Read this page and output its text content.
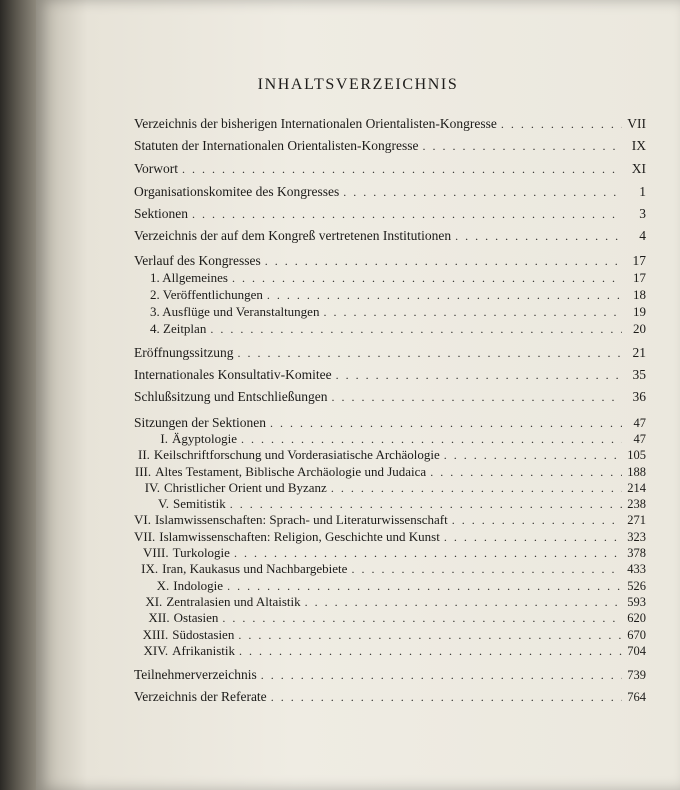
INHALTSVERZEICHNIS
Verzeichnis der bisherigen Internationalen Orientalisten-Kongresse . . .	VII
Statuten der Internationalen Orientalisten-Kongresse . . .	IX
Vorwort . . .	XI
Organisationskomitee des Kongresses . . .	1
Sektionen . . .	3
Verzeichnis der auf dem Kongreß vertretenen Institutionen . . .	4
Verlauf des Kongresses . . .	17
1. Allgemeines . . .	17
2. Veröffentlichungen . . .	18
3. Ausflüge und Veranstaltungen . . .	19
4. Zeitplan . . .	20
Eröffnungssitzung . . .	21
Internationales Konsultativ-Komitee . . .	35
Schlußsitzung und Entschließungen . . .	36
Sitzungen der Sektionen . . .	47
I. Ägyptologie . . .	47
II. Keilschriftforschung und Vorderasiatische Archäologie . . .	105
III. Altes Testament, Biblische Archäologie und Judaica . . .	188
IV. Christlicher Orient und Byzanz . . .	214
V. Semitistik . . .	238
VI. Islamwissenschaften: Sprach- und Literaturwissenschaft . . .	271
VII. Islamwissenschaften: Religion, Geschichte und Kunst . . .	323
VIII. Turkologie . . .	378
IX. Iran, Kaukasus und Nachbargebiete . . .	433
X. Indologie . . .	526
XI. Zentralasien und Altaistik . . .	593
XII. Ostasien . . .	620
XIII. Südostasien . . .	670
XIV. Afrikanistik . . .	704
Teilnehmerverzeichnis . . .	739
Verzeichnis der Referate . . .	764
